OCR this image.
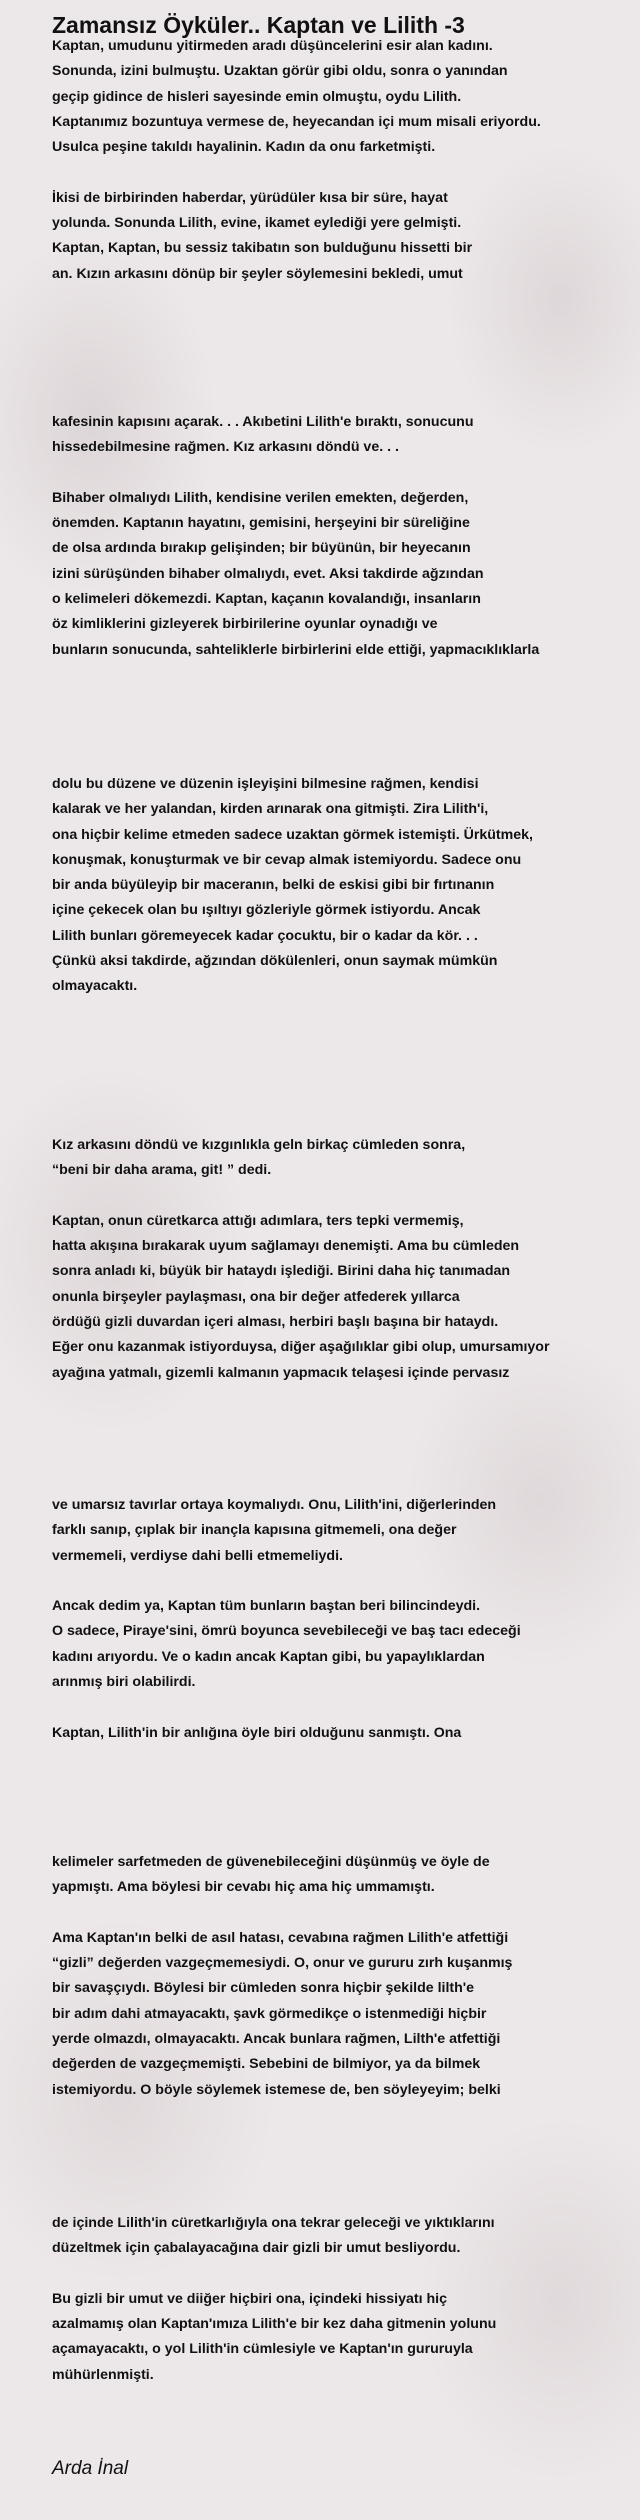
Zamansız Öyküler.. Kaptan ve Lilith -3

Kaptan, umudunu yitirmeden aradı düşüncelerini esir alan kadını.

Sonunda, izini bulmuştu. Uzaktan görür gibi oldu, sonra o yanından

geçip gidince de hisleri sayesinde emin olmuştu, oydu Lilith.

Kaptanımız bozuntuya vermese de, heyecandan içi mum misali eriyordu.

Usulca peşine takıldı hayalinin. Kadın da onu farketmişti.

İkisi de birbirinden haberdar, yürüdüler kısa bir süre, hayat

yolunda. Sonunda Lilith, evine, ikamet eylediği yere gelmişti.

Kaptan, Kaptan, bu sessiz takibatın son bulduğunu hissetti bir

an. Kızın arkasını dönüp bir şeyler söylemesini bekledi, umut

kafesinin kapısını açarak. . . Akıbetini Lilith'e bıraktı, sonucunu

hissedebilmesine rağmen. Kız arkasını döndü ve. . .

Bihaber olmalıydı Lilith, kendisine verilen emekten, değerden,

önemden. Kaptanın hayatını, gemisini, herşeyini bir süreliğine

de olsa ardında bırakıp gelişinden; bir büyünün, bir heyecanın

izini sürüşünden bihaber olmalıydı, evet. Aksi takdirde ağzından

o kelimeleri dökemezdi. Kaptan, kaçanın kovalandığı, insanların

öz kimliklerini gizleyerek birbirilerine oyunlar oynadığı ve

bunların sonucunda, sahteliklerle birbirlerini elde ettiği, yapmacıklıklarla

dolu bu düzene ve düzenin işleyişini bilmesine rağmen, kendisi

kalarak ve her yalandan, kirden arınarak ona gitmişti. Zira Lilith'i,

ona hiçbir kelime etmeden sadece uzaktan görmek istemişti. Ürkütmek,

konuşmak, konuşturmak ve bir cevap almak istemiyordu. Sadece onu

bir anda büyüleyip bir maceranın, belki de eskisi gibi bir fırtınanın

içine çekecek olan bu ışıltıyı gözleriyle görmek istiyordu. Ancak

Lilith bunları göremeyecek kadar çocuktu, bir o kadar da kör. . .

Çünkü aksi takdirde, ağzından dökülenleri, onun saymak mümkün

olmayacaktı.

Kız arkasını döndü ve kızgınlıkla geln birkaç cümleden sonra,

“beni bir daha arama, git! ” dedi.

Kaptan, onun cüretkarca attığı adımlara, ters tepki vermemiş,

hatta akışına bırakarak uyum sağlamayı denemişti. Ama bu cümleden

sonra anladı ki, büyük bir hataydı işlediği. Birini daha hiç tanımadan

onunla birşeyler paylaşması, ona bir değer atfederek yıllarca

ördüğü gizli duvardan içeri alması, herbiri başlı başına bir hataydı.

Eğer onu kazanmak istiyorduysa, diğer aşağılıklar gibi olup, umursamıyor

ayağına yatmalı, gizemli kalmanın yapmacık telaşesi içinde pervasız

ve umarsız tavırlar ortaya koymalıydı. Onu, Lilith'ini, diğerlerinden

farklı sanıp, çıplak bir inançla kapısına gitmemeli, ona değer

vermemeli, verdiyse dahi belli etmemeliydi.

Ancak dedim ya, Kaptan tüm bunların baştan beri bilincindeydi.

O sadece, Piraye'sini, ömrü boyunca sevebileceği ve baş tacı edeceği

kadını arıyordu. Ve o kadın ancak Kaptan gibi, bu yapaylıklardan

arınmış biri olabilirdi.

Kaptan, Lilith'in bir anlığına öyle biri olduğunu sanmıştı. Ona

kelimeler sarfetmeden de güvenebileceğini düşünmüş ve öyle de

yapmıştı. Ama böylesi bir cevabı hiç ama hiç ummamıştı.

Ama Kaptan'ın belki de asıl hatası, cevabına rağmen Lilith'e atfettiği

“gizli” değerden vazgeçmemesiydi. O, onur ve gururu zırh kuşanmış

bir savaşçıydı. Böylesi bir cümleden sonra hiçbir şekilde lilth'e

bir adım dahi atmayacaktı, şavk görmedikçe o istenmediği hiçbir

yerde olmazdı, olmayacaktı. Ancak bunlara rağmen, Lilth'e atfettiği

değerden de vazgeçmemişti. Sebebini de bilmiyor, ya da bilmek

istemiyordu. O böyle söylemek istemese de, ben söyleyeyim; belki

de içinde Lilith'in cüretkarlığıyla ona tekrar geleceği ve yıktıklarını

düzeltmek için çabalayacağına dair gizli bir umut besliyordu.

Bu gizli bir umut ve diiğer hiçbiri ona, içindeki hissiyatı hiç

azalmamış olan Kaptan'ımıza Lilith'e bir kez daha gitmenin yolunu

açamayacaktı, o yol Lilith'in cümlesiyle ve Kaptan'ın gururuyla

mühürlenmişti.

Arda İnal
